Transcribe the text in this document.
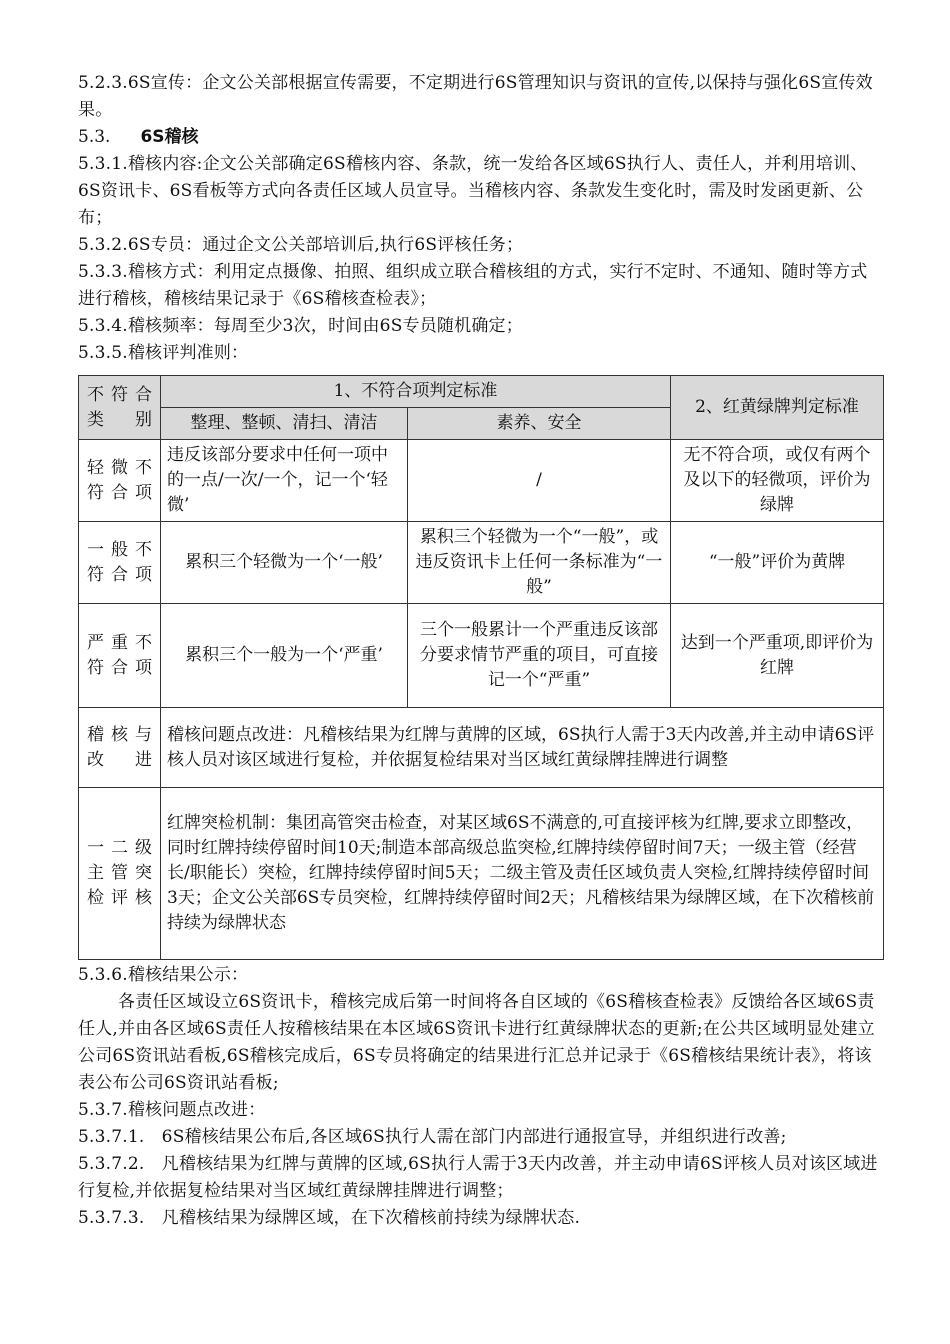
5.2.3.6S宣传：企文公关部根据宣传需要，不定期进行6S管理知识与资讯的宣传,以保持与强化6S宣传效果。
5.3. 6S稽核
5.3.1.稽核内容:企文公关部确定6S稽核内容、条款，统一发给各区域6S执行人、责任人，并利用培训、6S资讯卡、6S看板等方式向各责任区域人员宣导。当稽核内容、条款发生变化时，需及时发函更新、公布；
5.3.2.6S专员：通过企文公关部培训后,执行6S评核任务；
5.3.3.稽核方式：利用定点摄像、拍照、组织成立联合稽核组的方式，实行不定时、不通知、随时等方式进行稽核，稽核结果记录于《6S稽核查检表》；
5.3.4.稽核频率：每周至少3次，时间由6S专员随机确定；
5.3.5.稽核评判准则：
不符合类别	1、不符合项判定标准		2、红黄绿牌判定标准
	整理、整顿、清扫、清洁	素养、安全	
轻微不符合项	违反该部分要求中任何一项中的一点/一次/一个，记一个‘轻微’	/	无不符合项，或仅有两个及以下的轻微项，评价为绿牌
一般不符合项	累积三个轻微为一个‘一般’	累积三个轻微为一个“一般”，或违反资讯卡上任何一条标准为“一般”	“一般”评价为黄牌
严重不符合项	累积三个一般为一个‘严重’	三个一般累计一个严重违反该部分要求情节严重的项目，可直接记一个“严重”	达到一个严重项,即评价为红牌
稽核与改进	稽核问题点改进：凡稽核结果为红牌与黄牌的区域，6S执行人需于3天内改善,并主动申请6S评核人员对该区域进行复检，并依据复检结果对当区域红黄绿牌挂牌进行调整		
一二级主管突检评核	红牌突检机制：集团高管突击检查，对某区域6S不满意的,可直接评核为红牌,要求立即整改，同时红牌持续停留时间10天;制造本部高级总监突检,红牌持续停留时间7天；一级主管（经营长/职能长）突检，红牌持续停留时间5天；二级主管及责任区域负责人突检,红牌持续停留时间3天；企文公关部6S专员突检，红牌持续停留时间2天；凡稽核结果为绿牌区域，在下次稽核前持续为绿牌状态		
5.3.6.稽核结果公示：
各责任区域设立6S资讯卡，稽核完成后第一时间将各自区域的《6S稽核查检表》反馈给各区域6S责任人,并由各区域6S责任人按稽核结果在本区域6S资讯卡进行红黄绿牌状态的更新;在公共区域明显处建立公司6S资讯站看板,6S稽核完成后，6S专员将确定的结果进行汇总并记录于《6S稽核结果统计表》，将该表公布公司6S资讯站看板;
5.3.7.稽核问题点改进：
5.3.7.1.　6S稽核结果公布后,各区域6S执行人需在部门内部进行通报宣导，并组织进行改善;
5.3.7.2.　凡稽核结果为红牌与黄牌的区域,6S执行人需于3天内改善，并主动申请6S评核人员对该区域进行复检,并依据复检结果对当区域红黄绿牌挂牌进行调整；
5.3.7.3.　凡稽核结果为绿牌区域，在下次稽核前持续为绿牌状态.
